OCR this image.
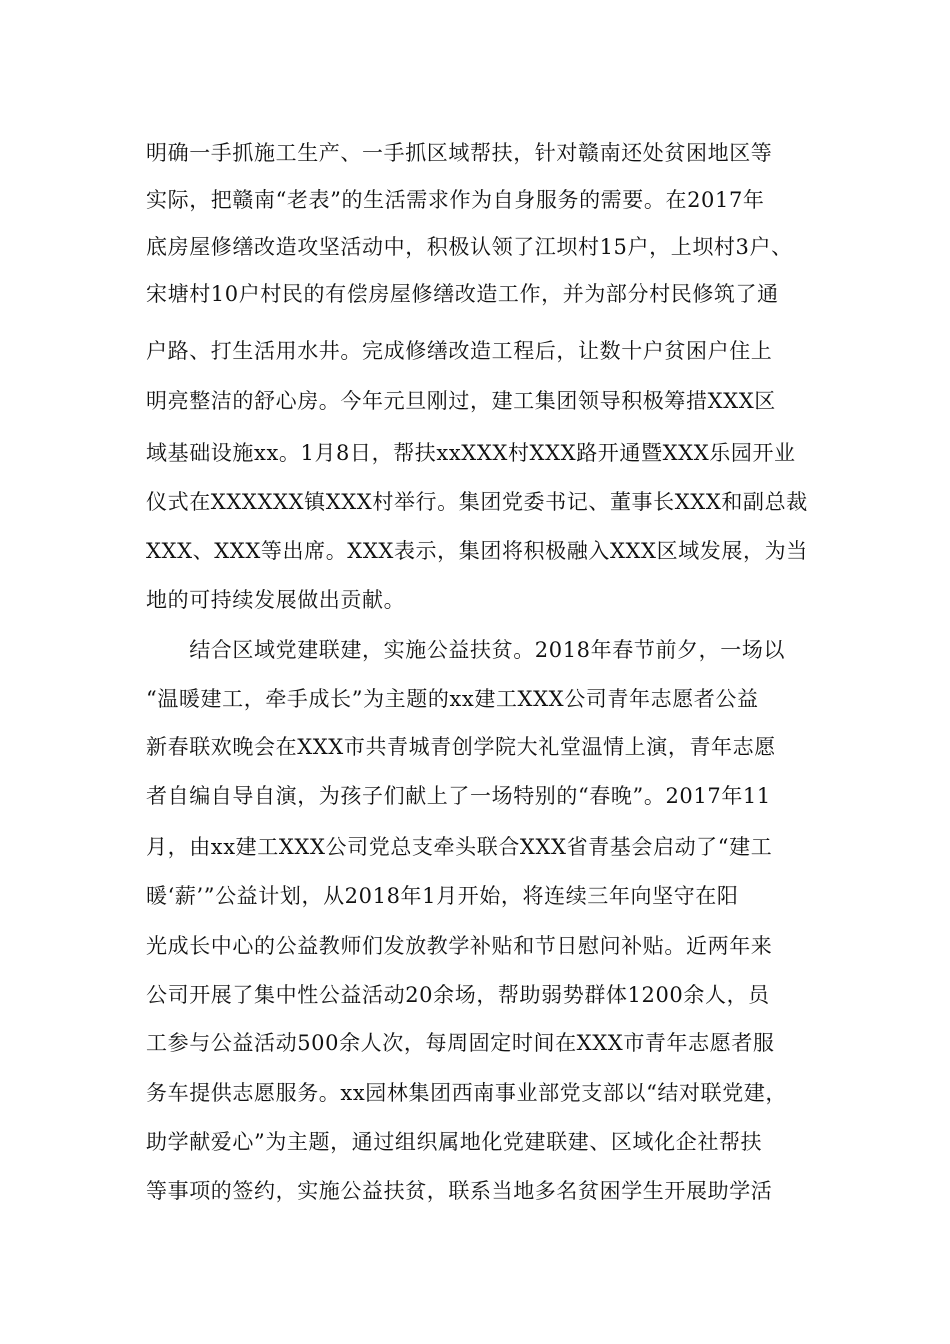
明确一手抓施工生产、一手抓区域帮扶，针对赣南还处贫困地区等
实际，把赣南“老表”的生活需求作为自身服务的需要。在2017年
底房屋修缮改造攻坚活动中，积极认领了江坝村15户，上坝村3户、
宋塘村10户村民的有偿房屋修缮改造工作，并为部分村民修筑了通
户路、打生活用水井。完成修缮改造工程后，让数十户贫困户住上
明亮整洁的舒心房。今年元旦刚过，建工集团领导积极筹措XXX区
域基础设施xx。1月8日，帮扶xxXXX村XXX路开通暨XXX乐园开业
仪式在XXXXXX镇XXX村举行。集团党委书记、董事长XXX和副总裁
XXX、XXX等出席。XXX表示，集团将积极融入XXX区域发展，为当
地的可持续发展做出贡献。
　　结合区域党建联建，实施公益扶贫。2018年春节前夕，一场以
“温暖建工，牵手成长”为主题的xx建工XXX公司青年志愿者公益
新春联欢晚会在XXX市共青城青创学院大礼堂温情上演，青年志愿
者自编自导自演，为孩子们献上了一场特别的“春晚”。2017年11
月，由xx建工XXX公司党总支牵头联合XXX省青基会启动了“建工
暖‘薪’”公益计划，从2018年1月开始，将连续三年向坚守在阳
光成长中心的公益教师们发放教学补贴和节日慰问补贴。近两年来
公司开展了集中性公益活动20余场，帮助弱势群体1200余人，员
工参与公益活动500余人次，每周固定时间在XXX市青年志愿者服
务车提供志愿服务。xx园林集团西南事业部党支部以“结对联党建，
助学献爱心”为主题，通过组织属地化党建联建、区域化企社帮扶
等事项的签约，实施公益扶贫，联系当地多名贫困学生开展助学活
